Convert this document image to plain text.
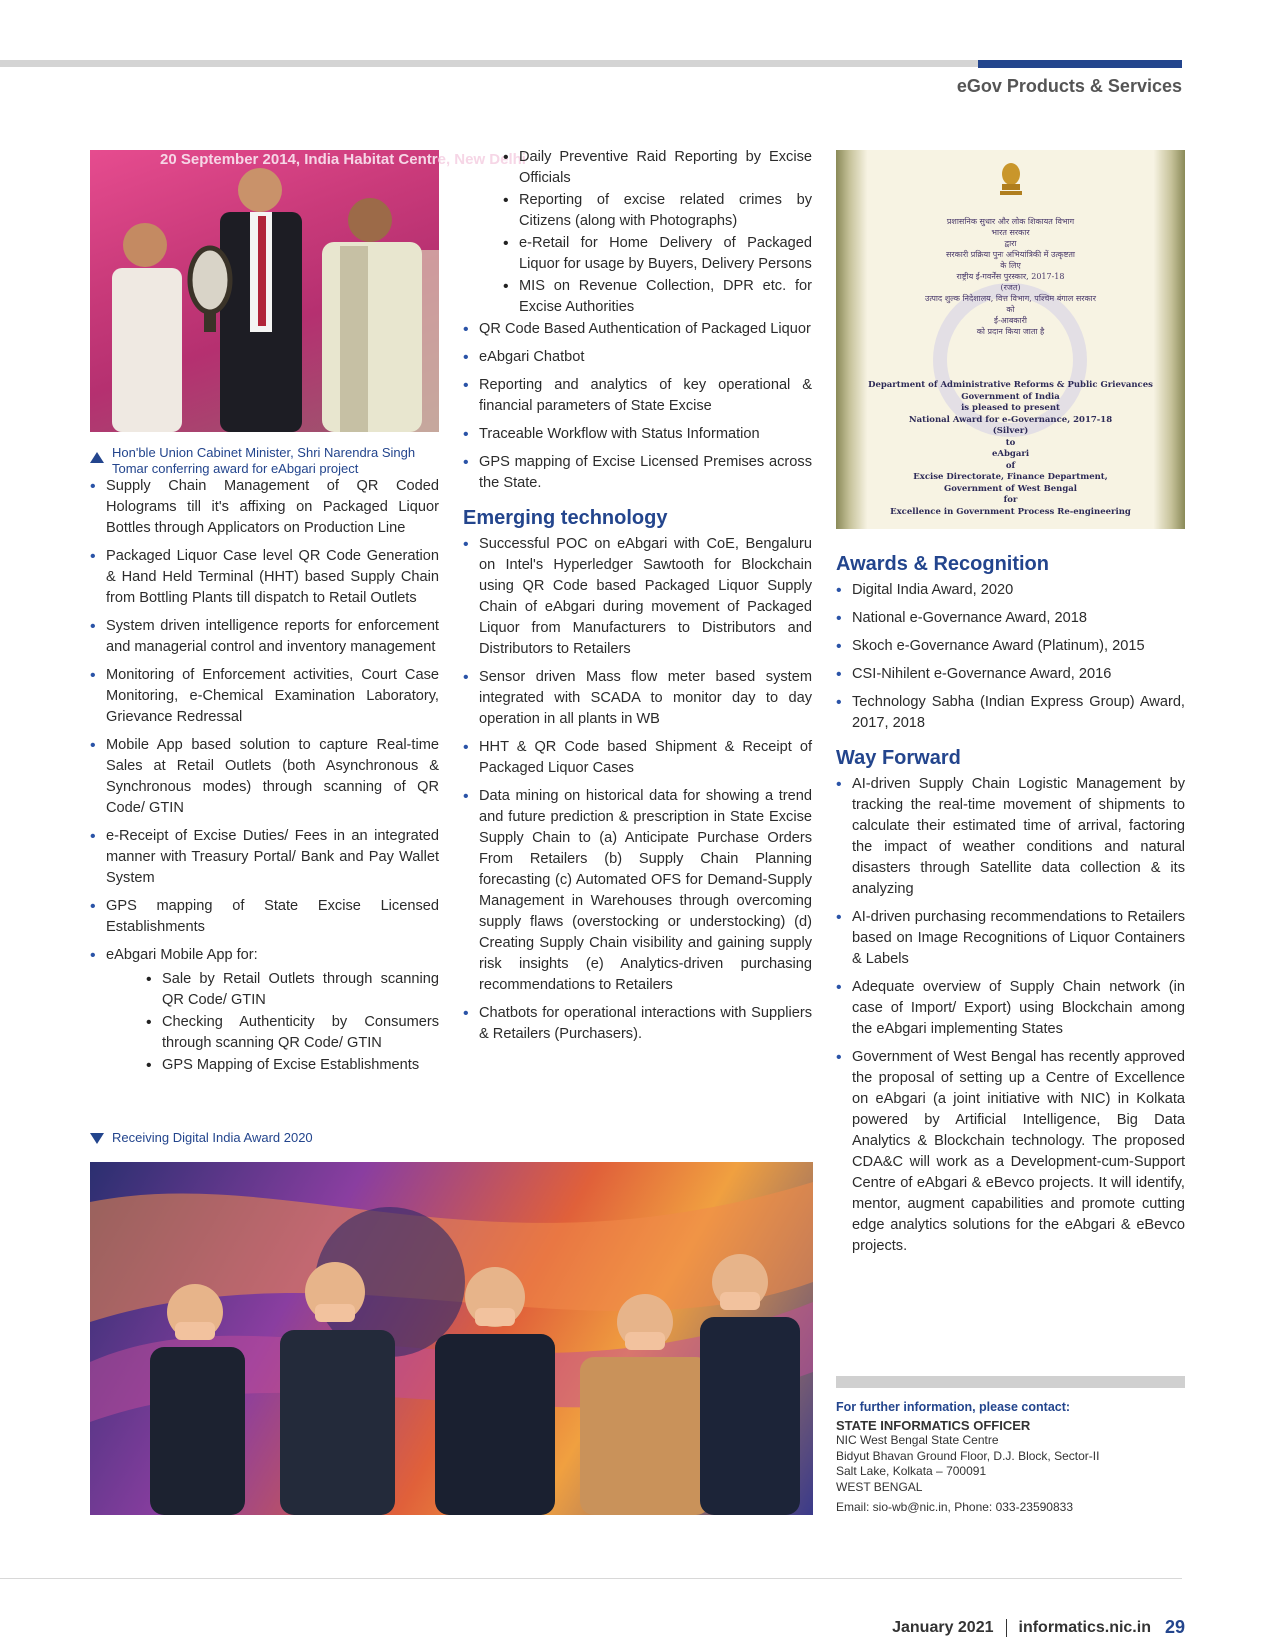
eGov Products & Services
20 September 2014, India Habitat Centre, New Delhi
Hon'ble Union Cabinet Minister, Shri Narendra Singh Tomar conferring award for eAbgari project
• Supply Chain Management of QR Coded Holograms till it's affixing on Packaged Liquor Bottles through Applicators on Production Line
• Packaged Liquor Case level QR Code Generation & Hand Held Terminal (HHT) based Supply Chain from Bottling Plants till dispatch to Retail Outlets
• System driven intelligence reports for enforcement and managerial control and inventory management
• Monitoring of Enforcement activities, Court Case Monitoring, e-Chemical Examination Laboratory, Grievance Redressal
• Mobile App based solution to capture Real-time Sales at Retail Outlets (both Asynchronous & Synchronous modes) through scanning of QR Code/ GTIN
• e-Receipt of Excise Duties/ Fees in an integrated manner with Treasury Portal/ Bank and Pay Wallet System
• GPS mapping of State Excise Licensed Establishments
• eAbgari Mobile App for:
• Sale by Retail Outlets through scanning QR Code/ GTIN
• Checking Authenticity by Consumers through scanning QR Code/ GTIN
• GPS Mapping of Excise Establishments
• Daily Preventive Raid Reporting by Excise Officials
• Reporting of excise related crimes by Citizens (along with Photographs)
• e-Retail for Home Delivery of Packaged Liquor for usage by Buyers, Delivery Persons
• MIS on Revenue Collection, DPR etc. for Excise Authorities
• QR Code Based Authentication of Packaged Liquor
• eAbgari Chatbot
• Reporting and analytics of key operational & financial parameters of State Excise
• Traceable Workflow with Status Information
• GPS mapping of Excise Licensed Premises across the State.
Emerging technology
• Successful POC on eAbgari with CoE, Bengaluru on Intel's Hyperledger Sawtooth for Blockchain using QR Code based Packaged Liquor Supply Chain of eAbgari during movement of Packaged Liquor from Manufacturers to Distributors and Distributors to Retailers
• Sensor driven Mass flow meter based system integrated with SCADA to monitor day to day operation in all plants in WB
• HHT & QR Code based Shipment & Receipt of Packaged Liquor Cases
• Data mining on historical data for showing a trend and future prediction & prescription in State Excise Supply Chain to (a) Anticipate Purchase Orders From Retailers (b) Supply Chain Planning forecasting (c) Automated OFS for Demand-Supply Management in Warehouses through overcoming supply flaws (overstocking or understocking) (d) Creating Supply Chain visibility and gaining supply risk insights (e) Analytics-driven purchasing recommendations to Retailers
• Chatbots for operational interactions with Suppliers & Retailers (Purchasers).
प्रशासनिक सुधार और लोक शिकायत विभाग
भारत सरकार
द्वारा
सरकारी प्रक्रिया पुनः अभियांत्रिकी में उत्कृष्टता
के लिए
राष्ट्रीय ई-गवर्नेंस पुरस्कार, 2017-18
(रजत)
उत्पाद शुल्क निदेशालय, वित्त विभाग, पश्चिम बंगाल सरकार
को
ई-आबकारी
को प्रदान किया जाता है
Department of Administrative Reforms & Public Grievances
Government of India
is pleased to present
National Award for e-Governance, 2017-18
(Silver)
to
eAbgari
of
Excise Directorate, Finance Department,
Government of West Bengal
for
Excellence in Government Process Re-engineering
Awards & Recognition
• Digital India Award, 2020
• National e-Governance Award, 2018
• Skoch e-Governance Award (Platinum), 2015
• CSI-Nihilent e-Governance Award, 2016
• Technology Sabha (Indian Express Group) Award, 2017, 2018
Way Forward
• AI-driven Supply Chain Logistic Management by tracking the real-time movement of shipments to calculate their estimated time of arrival, factoring the impact of weather conditions and natural disasters through Satellite data collection & its analyzing
• AI-driven purchasing recommendations to Retailers based on Image Recognitions of Liquor Containers & Labels
• Adequate overview of Supply Chain network (in case of Import/ Export) using Blockchain among the eAbgari implementing States
• Government of West Bengal has recently approved the proposal of setting up a Centre of Excellence on eAbgari (a joint initiative with NIC) in Kolkata powered by Artificial Intelligence, Big Data Analytics & Blockchain technology. The proposed CDA&C will work as a Development-cum-Support Centre of eAbgari & eBevco projects. It will identify, mentor, augment capabilities and promote cutting edge analytics solutions for the eAbgari & eBevco projects.
Receiving Digital India Award 2020
For further information, please contact:
STATE INFORMATICS OFFICER
NIC West Bengal State Centre
Bidyut Bhavan Ground Floor, D.J. Block, Sector-II
Salt Lake, Kolkata – 700091
WEST BENGAL
Email: sio-wb@nic.in, Phone: 033-23590833
January 2021 informatics.nic.in 29
